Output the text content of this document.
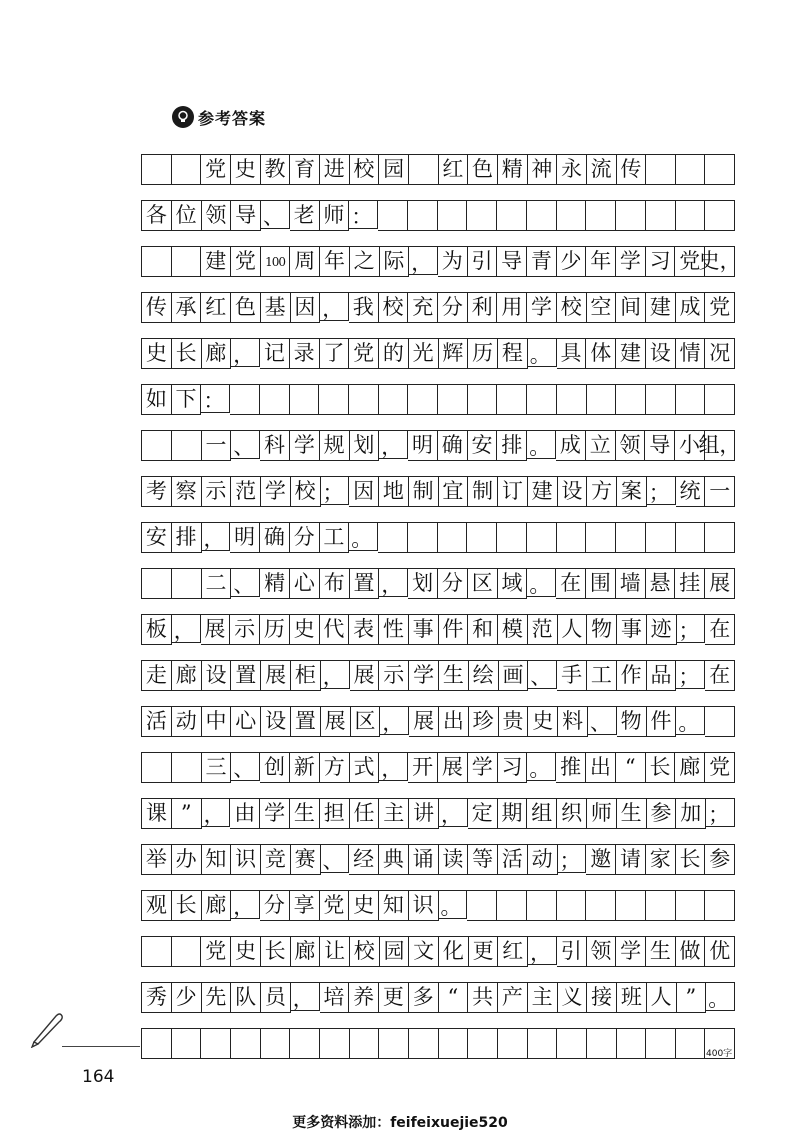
参考答案
党 史 教 育 进 校 园 红 色 精 神 永 流 传
各 位 领 导 、 老 师 ：
建 党 100 周 年 之 际 ， 为 引 导 青 少 年 学 习 党
史，
传 承 红 色 基 因 ， 我 校 充 分 利 用 学 校 空 间 建 成 党
史 长 廊 ， 记 录 了 党 的 光 辉 历 程 。 具 体 建 设 情 况
如 下 ：
一 、 科 学 规 划 ， 明 确 安 排 。 成 立 领 导 小
组，
考 察 示 范 学 校 ； 因 地 制 宜 制 订 建 设 方 案 ； 统 一
安 排 ， 明 确 分 工 。
二 、 精 心 布 置 ， 划 分 区 域 。 在 围 墙 悬 挂 展
板 ， 展 示 历 史 代 表 性 事 件 和 模 范 人 物 事 迹 ； 在
走 廊 设 置 展 柜 ， 展 示 学 生 绘 画 、 手 工 作 品 ； 在
活 动 中 心 设 置 展 区 ， 展 出 珍 贵 史 料 、 物 件 。
三 、 创 新 方 式 ， 开 展 学 习 。 推 出 “ 长 廊 党
课 ” ， 由 学 生 担 任 主 讲 ， 定 期 组 织 师 生 参 加 ；
举 办 知 识 竞 赛 、 经 典 诵 读 等 活 动 ； 邀 请 家 长 参
观 长 廊 ， 分 享 党 史 知 识 。
党 史 长 廊 让 校 园 文 化 更 红 ， 引 领 学 生 做 优
秀 少 先 队 员 ， 培 养 更 多 “ 共 产 主 义 接 班 人 ” 。
400字
164
更多资料添加：feifeixuejie520
